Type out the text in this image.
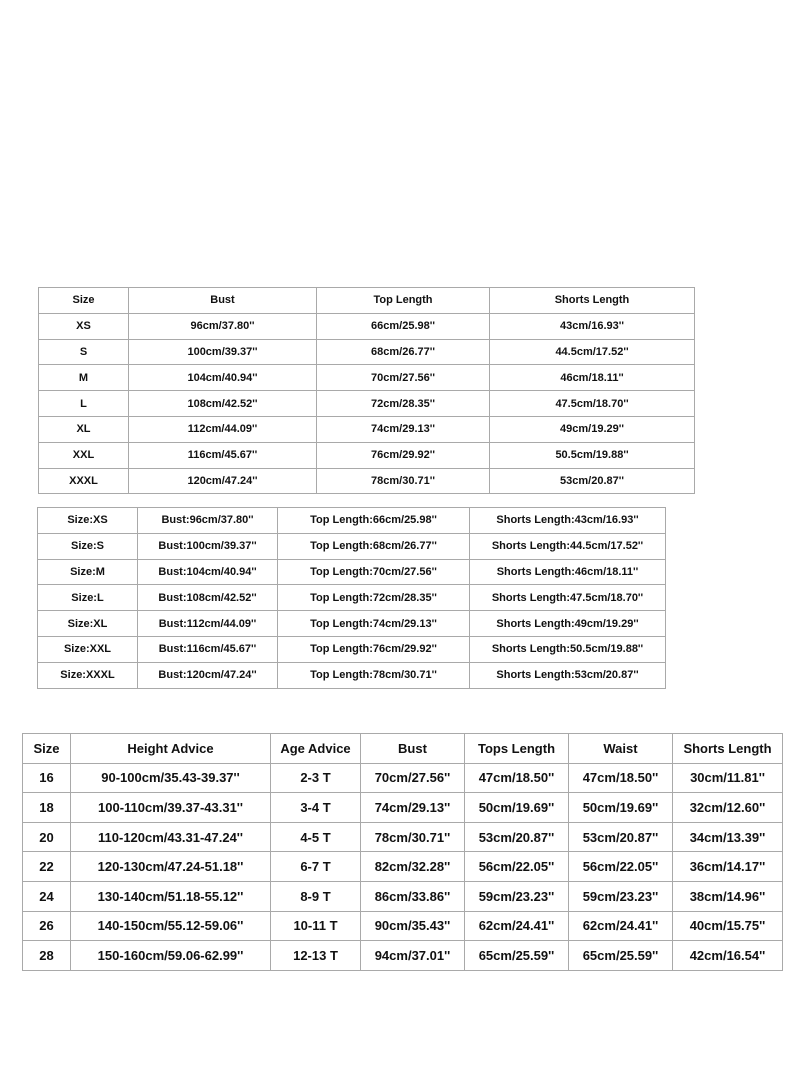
Size	Bust	Top Length	Shorts Length
XS	96cm/37.80''	66cm/25.98''	43cm/16.93''
S	100cm/39.37''	68cm/26.77''	44.5cm/17.52''
M	104cm/40.94''	70cm/27.56''	46cm/18.11''
L	108cm/42.52''	72cm/28.35''	47.5cm/18.70''
XL	112cm/44.09''	74cm/29.13''	49cm/19.29''
XXL	116cm/45.67''	76cm/29.92''	50.5cm/19.88''
XXXL	120cm/47.24''	78cm/30.71''	53cm/20.87''
Size:XS	Bust:96cm/37.80''	Top Length:66cm/25.98''	Shorts Length:43cm/16.93''
Size:S	Bust:100cm/39.37''	Top Length:68cm/26.77''	Shorts Length:44.5cm/17.52''
Size:M	Bust:104cm/40.94''	Top Length:70cm/27.56''	Shorts Length:46cm/18.11''
Size:L	Bust:108cm/42.52''	Top Length:72cm/28.35''	Shorts Length:47.5cm/18.70''
Size:XL	Bust:112cm/44.09''	Top Length:74cm/29.13''	Shorts Length:49cm/19.29''
Size:XXL	Bust:116cm/45.67''	Top Length:76cm/29.92''	Shorts Length:50.5cm/19.88''
Size:XXXL	Bust:120cm/47.24''	Top Length:78cm/30.71''	Shorts Length:53cm/20.87''
Size	Height Advice	Age Advice	Bust	Tops Length	Waist	Shorts Length
16	90-100cm/35.43-39.37''	2-3 T	70cm/27.56''	47cm/18.50''	47cm/18.50''	30cm/11.81''
18	100-110cm/39.37-43.31''	3-4 T	74cm/29.13''	50cm/19.69''	50cm/19.69''	32cm/12.60''
20	110-120cm/43.31-47.24''	4-5 T	78cm/30.71''	53cm/20.87''	53cm/20.87''	34cm/13.39''
22	120-130cm/47.24-51.18''	6-7 T	82cm/32.28''	56cm/22.05''	56cm/22.05''	36cm/14.17''
24	130-140cm/51.18-55.12''	8-9 T	86cm/33.86''	59cm/23.23''	59cm/23.23''	38cm/14.96''
26	140-150cm/55.12-59.06''	10-11 T	90cm/35.43''	62cm/24.41''	62cm/24.41''	40cm/15.75''
28	150-160cm/59.06-62.99''	12-13 T	94cm/37.01''	65cm/25.59''	65cm/25.59''	42cm/16.54''
